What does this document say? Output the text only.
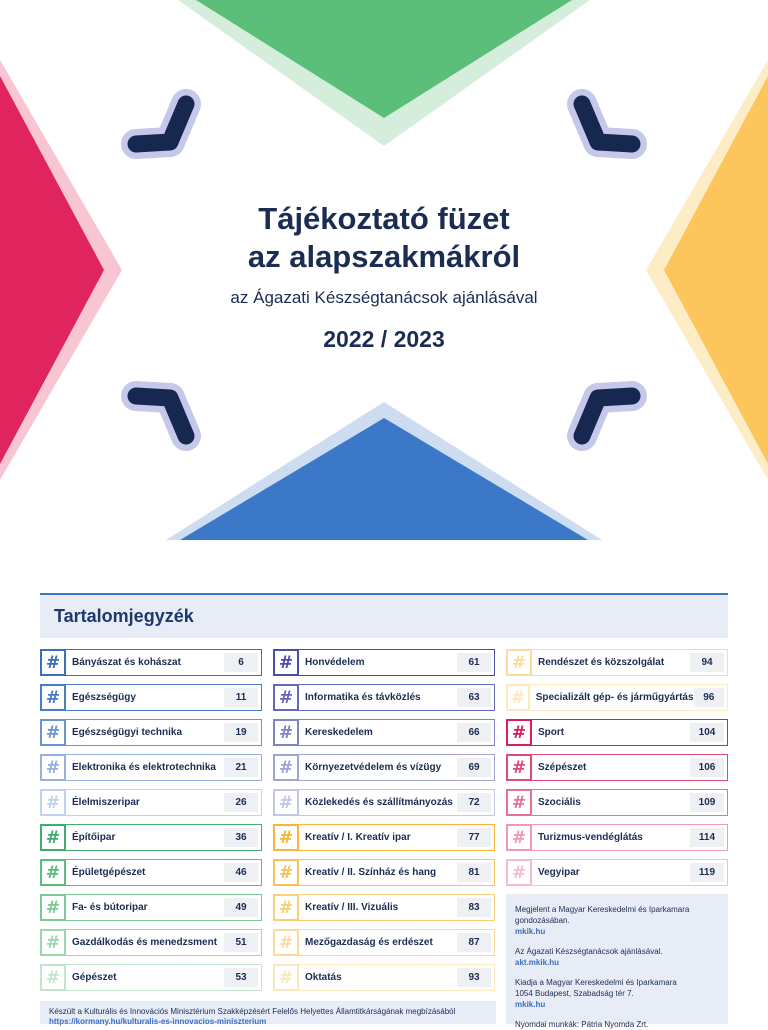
Tájékoztató füzet
az alapszakmákról
az Ágazati Készségtanácsok ajánlásával
2022 / 2023
Tartalomjegyzék
#	Bányászat és kohászat	6
#	Egészségügy	11
#	Egészségügyi technika	19
#	Elektronika és elektrotechnika	21
#	Élelmiszeripar	26
#	Építőipar	36
#	Épületgépészet	46
#	Fa- és bútoripar	49
#	Gazdálkodás és menedzsment	51
#	Gépészet	53
#	Honvédelem	61
#	Informatika és távközlés	63
#	Kereskedelem	66
#	Környezetvédelem és vízügy	69
#	Közlekedés és szállítmányozás	72
#	Kreatív / I. Kreatív ipar	77
#	Kreatív / II. Színház és hang	81
#	Kreatív / III. Vizuális	83
#	Mezőgazdaság és erdészet	87
#	Oktatás	93
#	Rendészet és közszolgálat	94
#	Specializált gép- és járműgyártás 96
#	Sport	104
#	Szépészet	106
#	Szociális	109
#	Turizmus-vendéglátás	114
#	Vegyipar	119

Megjelent a Magyar Kereskedelmi és Iparkamara gondozásában.
mkik.hu

Az Ágazati Készségtanácsok ajánlásával.
akt.mkik.hu

Kiadja a Magyar Kereskedelmi és Iparkamara
1054 Budapest, Szabadság tér 7.
mkik.hu

Nyomdai munkák: Pátria Nyomda Zrt.

Készült a Kulturális és Innovációs Minisztérium Szakképzésért Felelős Helyettes Államtitkárságának megbízásából
https://kormany.hu/kulturalis-es-innovacios-miniszterium
